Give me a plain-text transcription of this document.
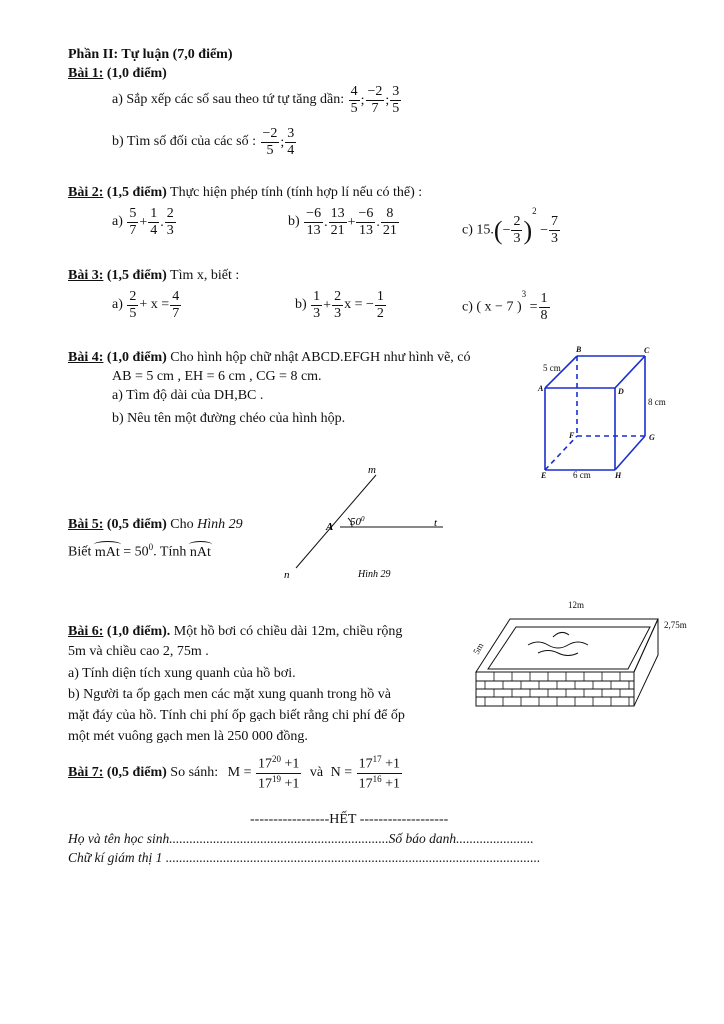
Phần II: Tự luận (7,0 điểm)
Bài 1: (1,0 điểm)
a) Sắp xếp các số sau theo tứ tự tăng dần: $\frac{4}{5}$ ; $\frac{-2}{7}$ ; $\frac{3}{5}$
b) Tìm số đối của các số : $\frac{-2}{5}$ ; $\frac{3}{4}$
Bài 2: (1,5 điểm) Thực hiện phép tính (tính hợp lí nếu có thể) :
$a) \frac{5}{7} + \frac{1}{4}$ . $\frac{2}{3}$	$b) \frac{-6}{13}$ . $\frac{13}{21} + \frac{-6}{13}$ . $\frac{8}{21}$	c) $15.(- \frac{2}{3} )^2 - \frac{7}{3}$
Bài 3: (1,5 điểm) Tìm x, biết :
$a) \frac{2}{5} + x = \frac{4}{7}$	$b) \frac{1}{3} + \frac{2}{3}$ x = − $\frac{1}{2}$	c) ( x − 7 )$^3 = \frac{1}{8}$
Bài 4: (1,0 điểm) Cho hình hộp chữ nhật ABCD.EFGH như hình vẽ, có
AB = 5 cm , EH = 6 cm , CG = 8 cm.
a) Tìm độ dài của DH,BC .
b) Nêu tên một đường chéo của hình hộp.
B	C
A	D
F	G
E	H
5 cm
8 cm
6 cm
Bài 5: (0,5 điểm) Cho Hình 29
Biết mAt = $50^0$. Tính nAt
m
A $50^0$	t
n	Hình 29
Bài 6: (1,0 điểm). Một hồ bơi có chiều dài 12m, chiều rộng
5m và chiều cao 2, 75m .
a) Tính diện tích xung quanh của hồ bơi.
b) Người ta ốp gạch men các mặt xung quanh trong hồ và
mặt đáy của hồ. Tính chi phí ốp gạch biết rằng chi phí để ốp
một mét vuông gạch men là 250 000 đồng.
12m
2,75m
5m
Bài 7: (0,5 điểm) So sánh: $M = \frac{17^{20} +1}{17^{19} +1}$ và $N = \frac{17^{17} +1}{17^{16} +1}$
-----------------HẾT -------------------
Họ và tên học sinh.................................................................Số báo danh.......................
Chữ kí giám thị 1 ...............................................................................................................
